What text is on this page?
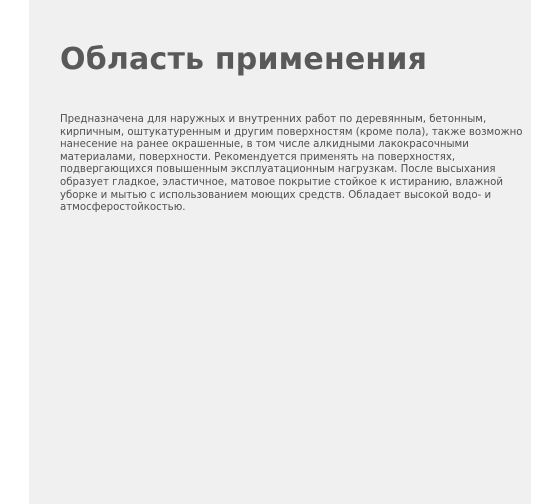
Область применения

Предназначена для наружных и внутренних работ по деревянным, бетонным,
кирпичным, оштукатуренным и другим поверхностям (кроме пола), также возможно
нанесение на ранее окрашенные, в том числе алкидными лакокрасочными
материалами, поверхности. Рекомендуется применять на поверхностях,
подвергающихся повышенным эксплуатационным нагрузкам. После высыхания
образует гладкое, эластичное, матовое покрытие стойкое к истиранию, влажной
уборке и мытью с использованием моющих средств. Обладает высокой водо- и
атмосферостойкостью.
